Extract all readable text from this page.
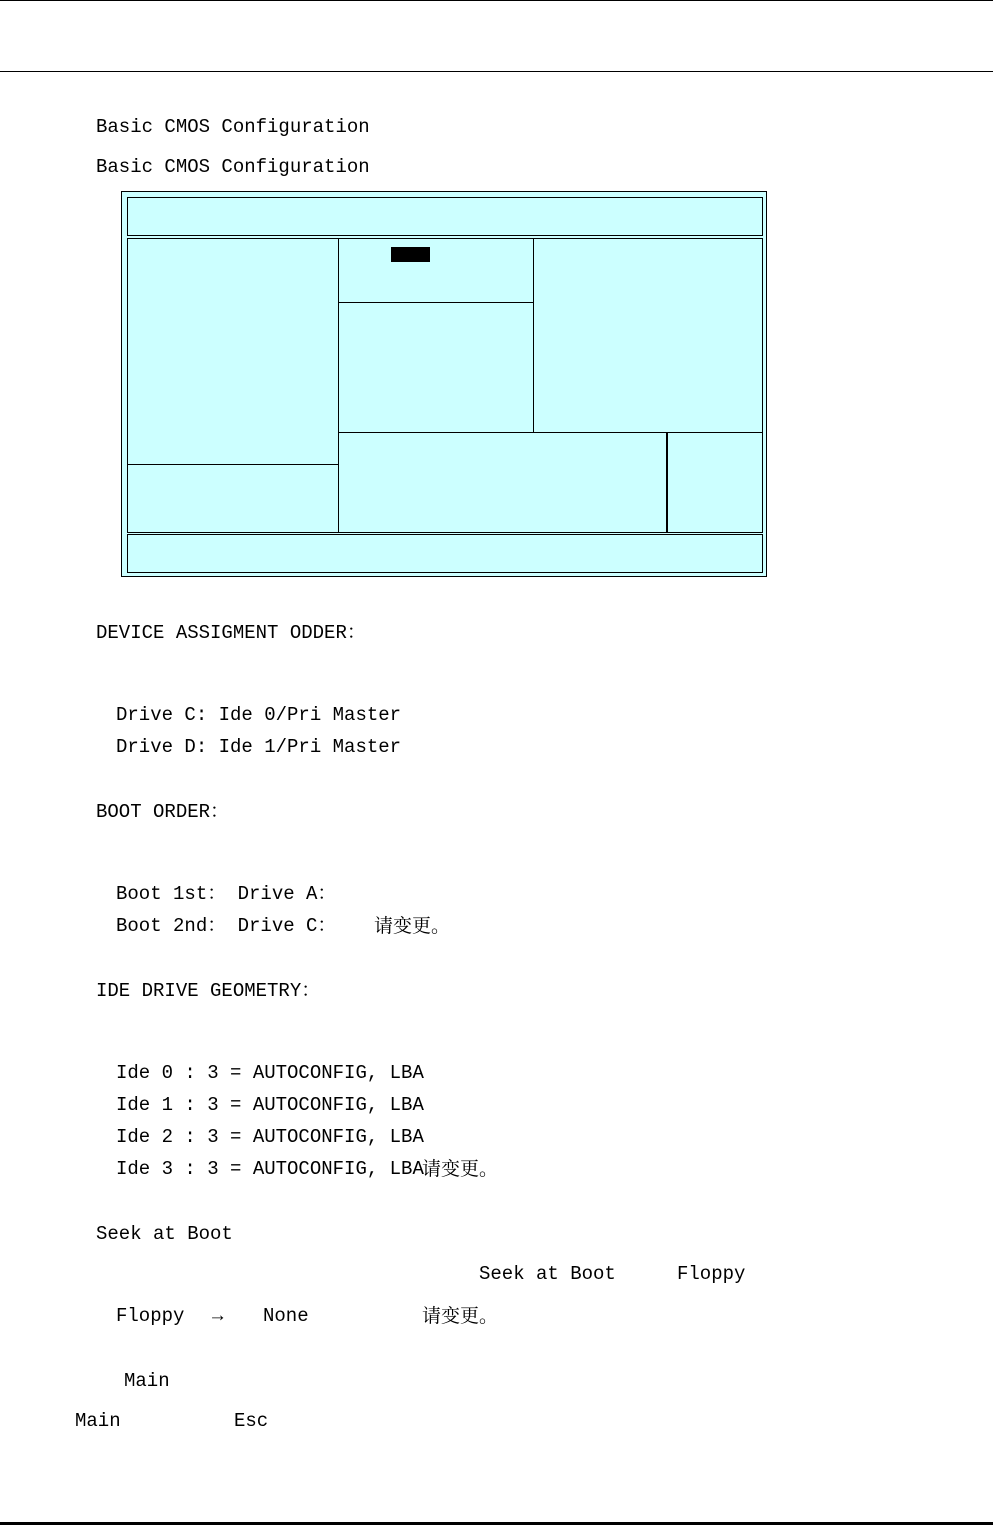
Basic CMOS Configuration
Basic CMOS Configuration
DEVICE ASSIGMENT ODDER：
Drive C: Ide 0/Pri Master
Drive D: Ide 1/Pri Master
BOOT ORDER：
Boot 1st： Drive A：
Boot 2nd： Drive C： 请变更。
IDE DRIVE GEOMETRY：
Ide 0 : 3 = AUTOCONFIG, LBA
Ide 1 : 3 = AUTOCONFIG, LBA
Ide 2 : 3 = AUTOCONFIG, LBA
Ide 3 : 3 = AUTOCONFIG, LBA
请变更。
Seek at Boot
Seek at Boot	Floppy
Floppy → None	请变更。
Main
Main	Esc
